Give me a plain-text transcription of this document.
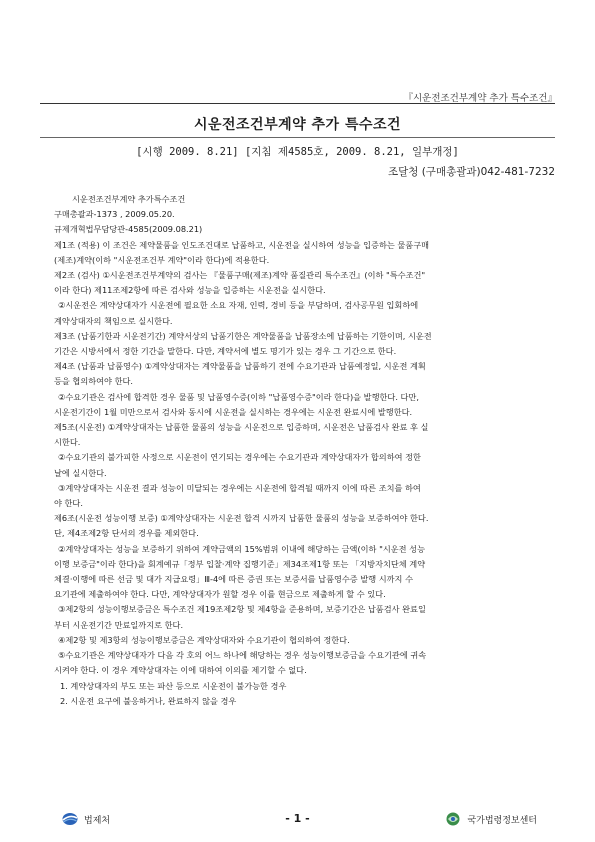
『시운전조건부계약 추가 특수조건』
시운전조건부계약 추가 특수조건
[시행 2009. 8.21] [지침 제4585호, 2009. 8.21, 일부개정]
조달청 (구매총괄과)042-481-7232

시운전조건부계약 추가특수조건

구매총괄과-1373 , 2009.05.20.

규제개혁법무담당관-4585(2009.08.21)

제1조 (적용) 이 조건은 제약물품을 인도조건대로 납품하고, 시운전을 실시하여 성능을 입증하는 물품구매

(제조)계약(이하 "시운전조건부 계약"이라 한다)에 적용한다.

제2조 (검사) ①시운전조건부계약의 검사는 『물품구매(제조)계약 품질관리 특수조건』(이하 "특수조건"

이라 한다) 제11조제2항에 따른 검사와 성능을 입증하는 시운전을 실시한다.

②시운전은 계약상대자가 시운전에 필요한 소요 자재, 인력, 경비 등을 부담하며, 검사공무원 입회하에

계약상대자의 책임으로 실시한다.

제3조 (납품기한과 시운전기간) 계약서상의 납품기한은 계약물품을 납품장소에 납품하는 기한이며, 시운전

기간은 시방서에서 정한 기간을 말한다. 다만, 계약서에 별도 명기가 있는 경우 그 기간으로 한다.

제4조 (납품과 납품영수) ①계약상대자는 계약물품을 납품하기 전에 수요기관과 납품예정일, 시운전 계획

등을 협의하여야 한다.

②수요기관은 검사에 합격한 경우 물품 및 납품영수증(이하 "납품영수증"이라 한다)을 발행한다. 다만,

시운전기간이 1월 미만으로서 검사와 동시에 시운전을 실시하는 경우에는 시운전 완료시에 발행한다.

제5조(시운전) ①계약상대자는 납품한 물품의 성능을 시운전으로 입증하며, 시운전은 납품검사 완료 후 실

시한다.

②수요기관의 불가피한 사정으로 시운전이 연기되는 경우에는 수요기관과 계약상대자가 합의하여 정한

날에 실시한다.

③계약상대자는 시운전 결과 성능이 미달되는 경우에는 시운전에 합격될 때까지 이에 따른 조치를 하여

야 한다.

제6조(시운전 성능이행 보증) ①계약상대자는 시운전 합격 시까지 납품한 물품의 성능을 보증하여야 한다.

단, 제4조제2항 단서의 경우를 제외한다.

②계약상대자는 성능을 보증하기 위하여 계약금액의 15%범위 이내에 해당하는 금액(이하 "시운전 성능

이행 보증금"이라 한다)을 회계예규「정부 입찰·계약 집행기준」제34조제1항 또는 「지방자치단체 계약

체결·이행에 따른 선금 및 대가 지급요령」Ⅲ-4에 따른 증권 또는 보증서를 납품영수증 발행 시까지 수

요기관에 제출하여야 한다. 다만, 계약상대자가 원할 경우 이를 현금으로 제출하게 할 수 있다.

③제2항의 성능이행보증금은 특수조건 제19조제2항 및 제4항을 준용하며, 보증기간은 납품검사 완료일

부터 시운전기간 만료일까지로 한다.

④제2항 및 제3항의 성능이행보증금은 계약상대자와 수요기관이 협의하여 정한다.

⑤수요기관은 계약상대자가 다음 각 호의 어느 하나에 해당하는 경우 성능이행보증금을 수요기관에 귀속

시켜야 한다. 이 경우 계약상대자는 이에 대하여 이의를 제기할 수 없다.

1. 계약상대자의 부도 또는 파산 등으로 시운전이 불가능한 경우

2. 시운전 요구에 불응하거나, 완료하지 않을 경우

법제처	- 1 -	국가법령정보센터
